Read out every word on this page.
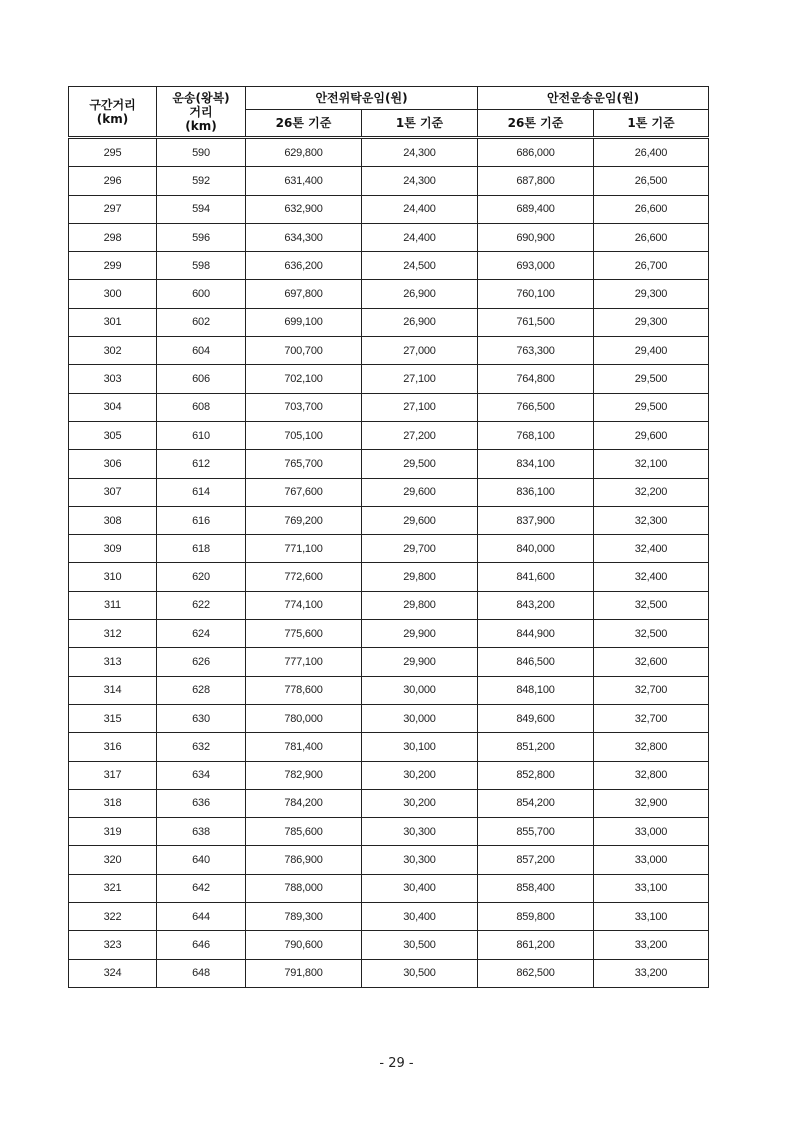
구간거리
(km)

운송(왕복)
거리
(km)
	안전위탁운임(원)	안전운송운임(원)
		26톤 기준	1톤 기준	26톤 기준	1톤 기준
295	590	629,800	24,300	686,000	26,400
296	592	631,400	24,300	687,800	26,500
297	594	632,900	24,400	689,400	26,600
298	596	634,300	24,400	690,900	26,600
299	598	636,200	24,500	693,000	26,700
300	600	697,800	26,900	760,100	29,300
301	602	699,100	26,900	761,500	29,300
302	604	700,700	27,000	763,300	29,400
303	606	702,100	27,100	764,800	29,500
304	608	703,700	27,100	766,500	29,500
305	610	705,100	27,200	768,100	29,600
306	612	765,700	29,500	834,100	32,100
307	614	767,600	29,600	836,100	32,200
308	616	769,200	29,600	837,900	32,300
309	618	771,100	29,700	840,000	32,400
310	620	772,600	29,800	841,600	32,400
311	622	774,100	29,800	843,200	32,500
312	624	775,600	29,900	844,900	32,500
313	626	777,100	29,900	846,500	32,600
314	628	778,600	30,000	848,100	32,700
315	630	780,000	30,000	849,600	32,700
316	632	781,400	30,100	851,200	32,800
317	634	782,900	30,200	852,800	32,800
318	636	784,200	30,200	854,200	32,900
319	638	785,600	30,300	855,700	33,000
320	640	786,900	30,300	857,200	33,000
321	642	788,000	30,400	858,400	33,100
322	644	789,300	30,400	859,800	33,100
323	646	790,600	30,500	861,200	33,200
324	648	791,800	30,500	862,500	33,200
- 29 -
